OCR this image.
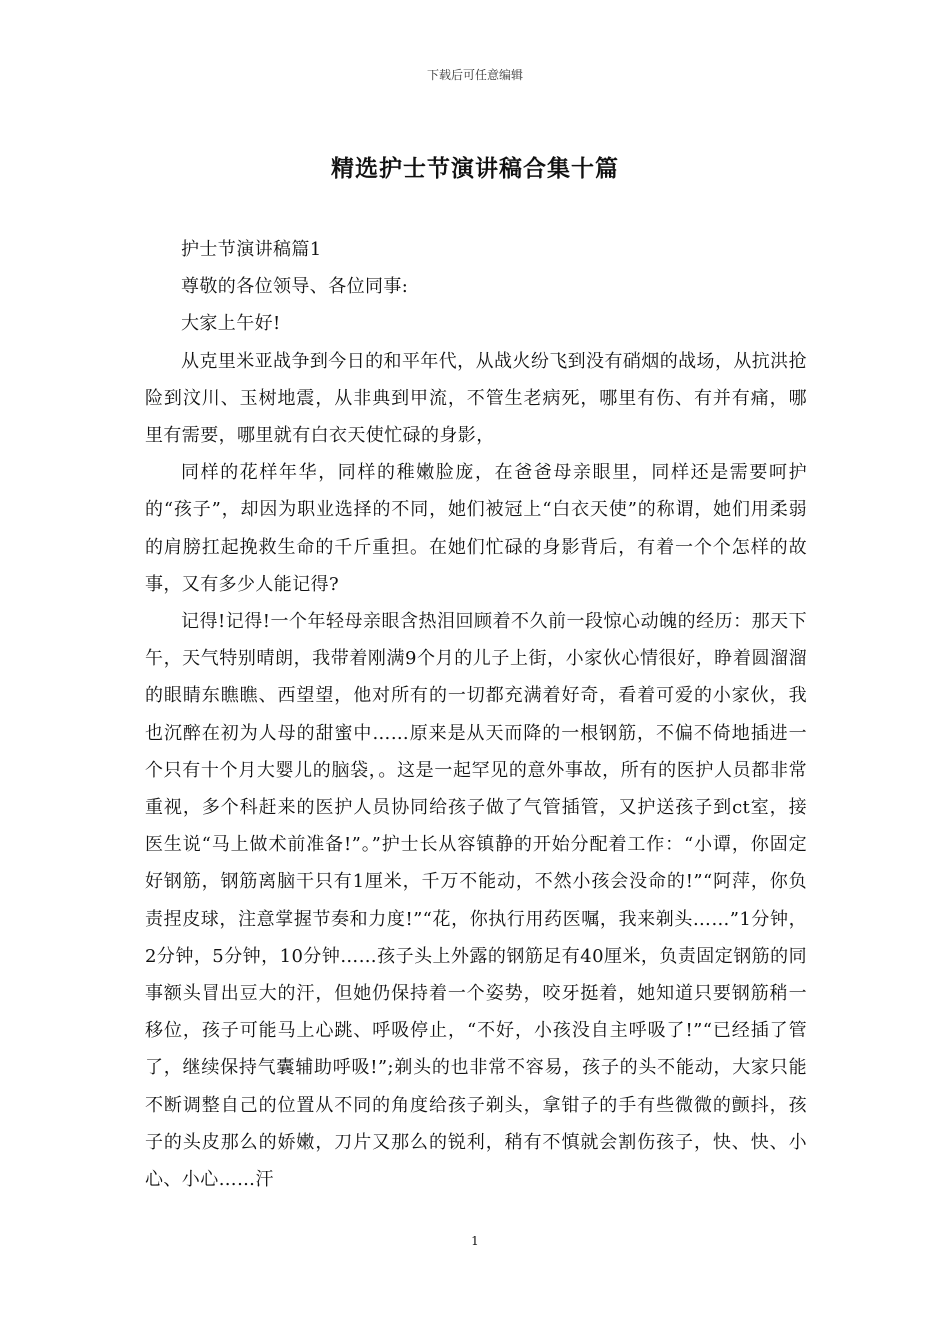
下载后可任意编辑
精选护士节演讲稿合集十篇

护士节演讲稿篇1

尊敬的各位领导、各位同事:

大家上午好!

从克里米亚战争到今日的和平年代，从战火纷飞到没有硝烟的战场，从抗洪抢险到汶川、玉树地震，从非典到甲流，不管生老病死，哪里有伤、有并有痛，哪里有需要，哪里就有白衣天使忙碌的身影，

同样的花样年华，同样的稚嫩脸庞，在爸爸母亲眼里，同样还是需要呵护的“孩子”，却因为职业选择的不同，她们被冠上“白衣天使”的称谓，她们用柔弱的肩膀扛起挽救生命的千斤重担。在她们忙碌的身影背后，有着一个个怎样的故事，又有多少人能记得?

记得!记得!一个年轻母亲眼含热泪回顾着不久前一段惊心动魄的经历：那天下午，天气特别晴朗，我带着刚满9个月的儿子上街，小家伙心情很好，睁着圆溜溜的眼睛东瞧瞧、西望望，他对所有的一切都充满着好奇，看着可爱的小家伙，我也沉醉在初为人母的甜蜜中……原来是从天而降的一根钢筋，不偏不倚地插进一个只有十个月大婴儿的脑袋，。这是一起罕见的意外事故，所有的医护人员都非常重视，多个科赶来的医护人员协同给孩子做了气管插管，又护送孩子到ct室，接医生说“马上做术前准备!”。”护士长从容镇静的开始分配着工作：“小谭，你固定好钢筋，钢筋离脑干只有1厘米，千万不能动，不然小孩会没命的!”“阿萍，你负责捏皮球，注意掌握节奏和力度!”“花，你执行用药医嘱，我来剃头……”1分钟，2分钟，5分钟，10分钟……孩子头上外露的钢筋足有40厘米，负责固定钢筋的同事额头冒出豆大的汗，但她仍保持着一个姿势，咬牙挺着，她知道只要钢筋稍一移位，孩子可能马上心跳、呼吸停止，“不好，小孩没自主呼吸了!”“已经插了管了，继续保持气囊辅助呼吸!”;剃头的也非常不容易，孩子的头不能动，大家只能不断调整自己的位置从不同的角度给孩子剃头，拿钳子的手有些微微的颤抖，孩子的头皮那么的娇嫩，刀片又那么的锐利，稍有不慎就会割伤孩子，快、快、小心、小心……汗

1
